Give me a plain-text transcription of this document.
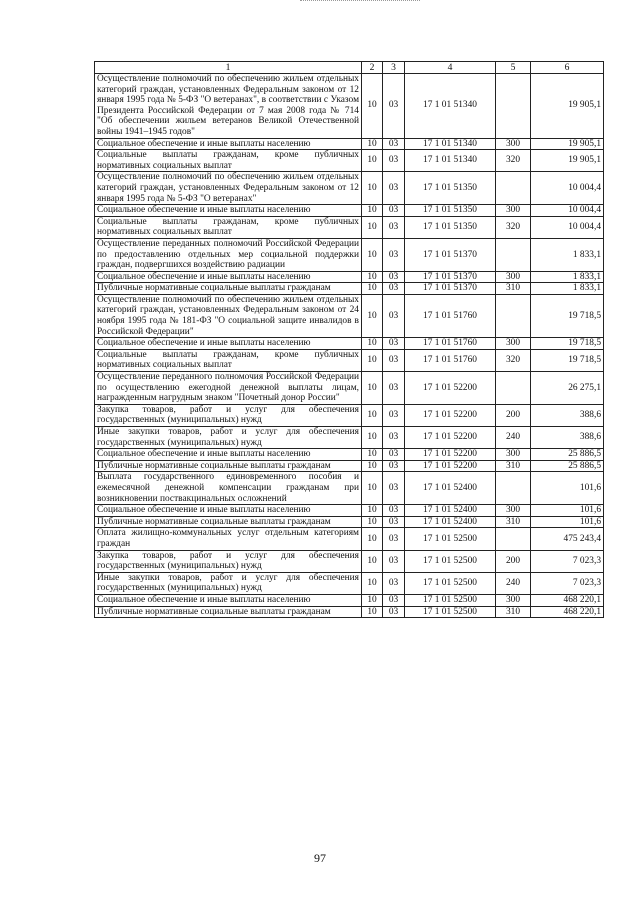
1	2	3	4	5	6
Осуществление полномочий по обеспечению жильем отдельных категорий граждан, установленных Федеральным законом от 12 января 1995 года № 5-ФЗ "О ветеранах", в соответствии с Указом Президента Российской Федерации от 7 мая 2008 года № 714 "Об обеспечении жильем ветеранов Великой Отечественной войны 1941–1945 годов"	10	03	17 1 01 51340		19 905,1
Социальное обеспечение и иные выплаты населению	10	03	17 1 01 51340	300	19 905,1
Социальные выплаты гражданам, кроме публичных нормативных социальных выплат	10	03	17 1 01 51340	320	19 905,1
Осуществление полномочий по обеспечению жильем отдельных категорий граждан, установленных Федеральным законом от 12 января 1995 года № 5-ФЗ "О ветеранах"	10	03	17 1 01 51350		10 004,4
Социальное обеспечение и иные выплаты населению	10	03	17 1 01 51350	300	10 004,4
Социальные выплаты гражданам, кроме публичных нормативных социальных выплат	10	03	17 1 01 51350	320	10 004,4
Осуществление переданных полномочий Российской Федерации по предоставлению отдельных мер социальной поддержки граждан, подвергшихся воздействию радиации	10	03	17 1 01 51370		1 833,1
Социальное обеспечение и иные выплаты населению	10	03	17 1 01 51370	300	1 833,1
Публичные нормативные социальные выплаты гражданам	10	03	17 1 01 51370	310	1 833,1
Осуществление полномочий по обеспечению жильем отдельных категорий граждан, установленных Федеральным законом от 24 ноября 1995 года № 181-ФЗ "О социальной защите инвалидов в Российской Федерации"	10	03	17 1 01 51760		19 718,5
Социальное обеспечение и иные выплаты населению	10	03	17 1 01 51760	300	19 718,5
Социальные выплаты гражданам, кроме публичных нормативных социальных выплат	10	03	17 1 01 51760	320	19 718,5
Осуществление переданного полномочия Российской Федерации по осуществлению ежегодной денежной выплаты лицам, награжденным нагрудным знаком "Почетный донор России"	10	03	17 1 01 52200		26 275,1
Закупка товаров, работ и услуг для обеспечения государственных (муниципальных) нужд	10	03	17 1 01 52200	200	388,6
Иные закупки товаров, работ и услуг для обеспечения государственных (муниципальных) нужд	10	03	17 1 01 52200	240	388,6
Социальное обеспечение и иные выплаты населению	10	03	17 1 01 52200	300	25 886,5
Публичные нормативные социальные выплаты гражданам	10	03	17 1 01 52200	310	25 886,5
Выплата государственного единовременного пособия и ежемесячной денежной компенсации гражданам при возникновении поствакцинальных осложнений	10	03	17 1 01 52400		101,6
Социальное обеспечение и иные выплаты населению	10	03	17 1 01 52400	300	101,6
Публичные нормативные социальные выплаты гражданам	10	03	17 1 01 52400	310	101,6
Оплата жилищно-коммунальных услуг отдельным категориям граждан	10	03	17 1 01 52500		475 243,4
Закупка товаров, работ и услуг для обеспечения государственных (муниципальных) нужд	10	03	17 1 01 52500	200	7 023,3
Иные закупки товаров, работ и услуг для обеспечения государственных (муниципальных) нужд	10	03	17 1 01 52500	240	7 023,3
Социальное обеспечение и иные выплаты населению	10	03	17 1 01 52500	300	468 220,1
Публичные нормативные социальные выплаты гражданам	10	03	17 1 01 52500	310	468 220,1
97
